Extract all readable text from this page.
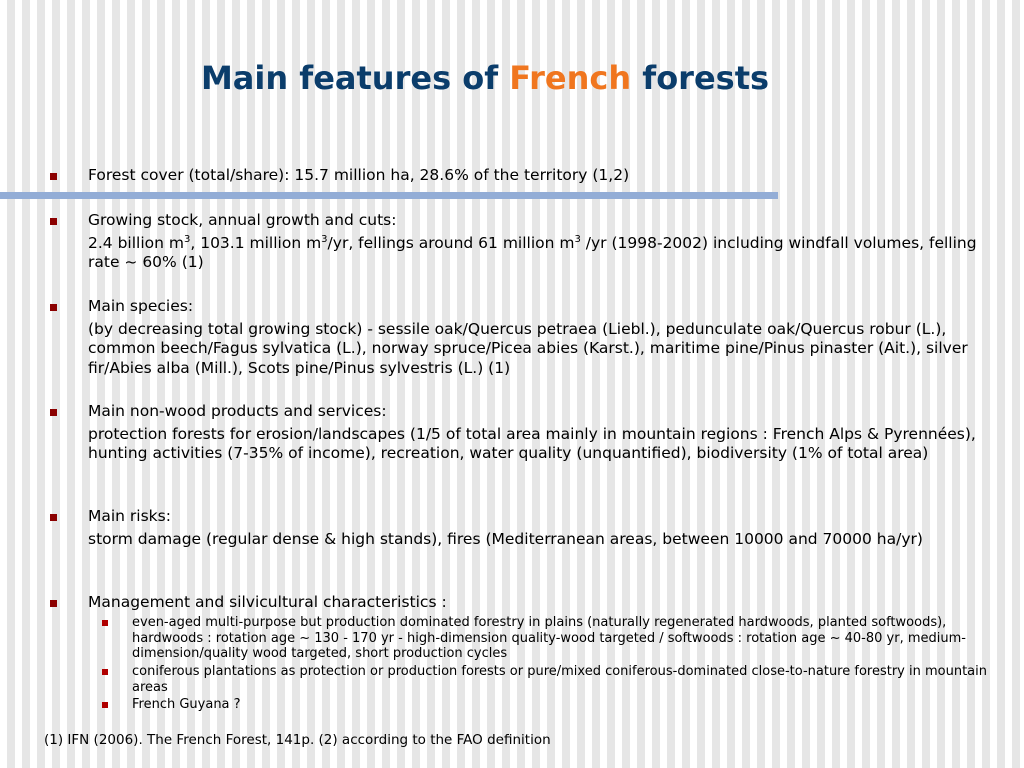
Main features of French forests
Forest cover (total/share): 15.7 million ha, 28.6% of the territory (1,2)
Growing stock, annual growth and cuts:
2.4 billion $m^3$, 103.1 million $m^3/yr$, fellings around 61 million $m^3$ /yr (1998-2002) including windfall volumes, felling rate ~ 60% (1)
Main species:
(by decreasing total growing stock) - sessile oak/Quercus petraea (Liebl.), pedunculate oak/Quercus robur (L.), common beech/Fagus sylvatica (L.), norway spruce/Picea abies (Karst.), maritime pine/Pinus pinaster (Ait.), silver fir/Abies alba (Mill.), Scots pine/Pinus sylvestris (L.) (1)
Main non-wood products and services:
protection forests for erosion/landscapes (1/5 of total area mainly in mountain regions : French Alps & Pyrennées), hunting activities (7-35% of income), recreation, water quality (unquantified), biodiversity (1% of total area)
Main risks:
storm damage (regular dense & high stands), fires (Mediterranean areas, between 10000 and 70000 ha/yr)
Management and silvicultural characteristics :
even-aged multi-purpose but production dominated forestry in plains (naturally regenerated hardwoods, planted softwoods), hardwoods : rotation age ~ 130 - 170 yr - high-dimension quality-wood targeted / softwoods : rotation age ~ 40-80 yr, medium-dimension/quality wood targeted, short production cycles
coniferous plantations as protection or production forests or pure/mixed coniferous-dominated close-to-nature forestry in mountain areas
French Guyana ?
(1) IFN (2006). The French Forest, 141p. (2) according to the FAO definition
